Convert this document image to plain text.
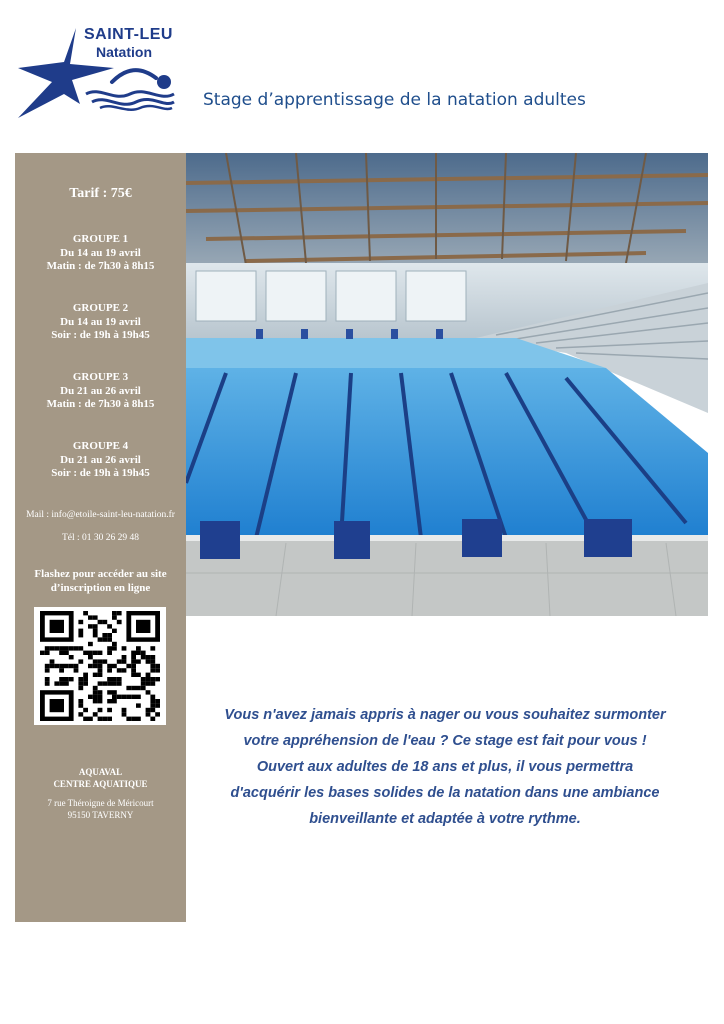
SAINT-LEU
Natation
Stage d’apprentissage de la natation adultes
Tarif : 75€
GROUPE 1
Du 14 au 19 avril
Matin : de 7h30 à 8h15
GROUPE 2
Du 14 au 19 avril
Soir : de 19h à 19h45
GROUPE 3
Du 21 au 26 avril
Matin : de 7h30 à 8h15
GROUPE 4
Du 21 au 26 avril
Soir : de 19h à 19h45
Mail : info@etoile-saint-leu-natation.fr
Tél : 01 30 26 29 48
Flashez pour accéder au site
d’inscription en ligne
AQUAVAL
CENTRE AQUATIQUE
7 rue Théroigne de Méricourt
95150 TAVERNY
Vous n'avez jamais appris à nager ou vous souhaitez surmonter votre appréhension de l'eau ? Ce stage est fait pour vous ! Ouvert aux adultes de 18 ans et plus, il vous permettra d'acquérir les bases solides de la natation dans une ambiance bienveillante et adaptée à votre rythme.
